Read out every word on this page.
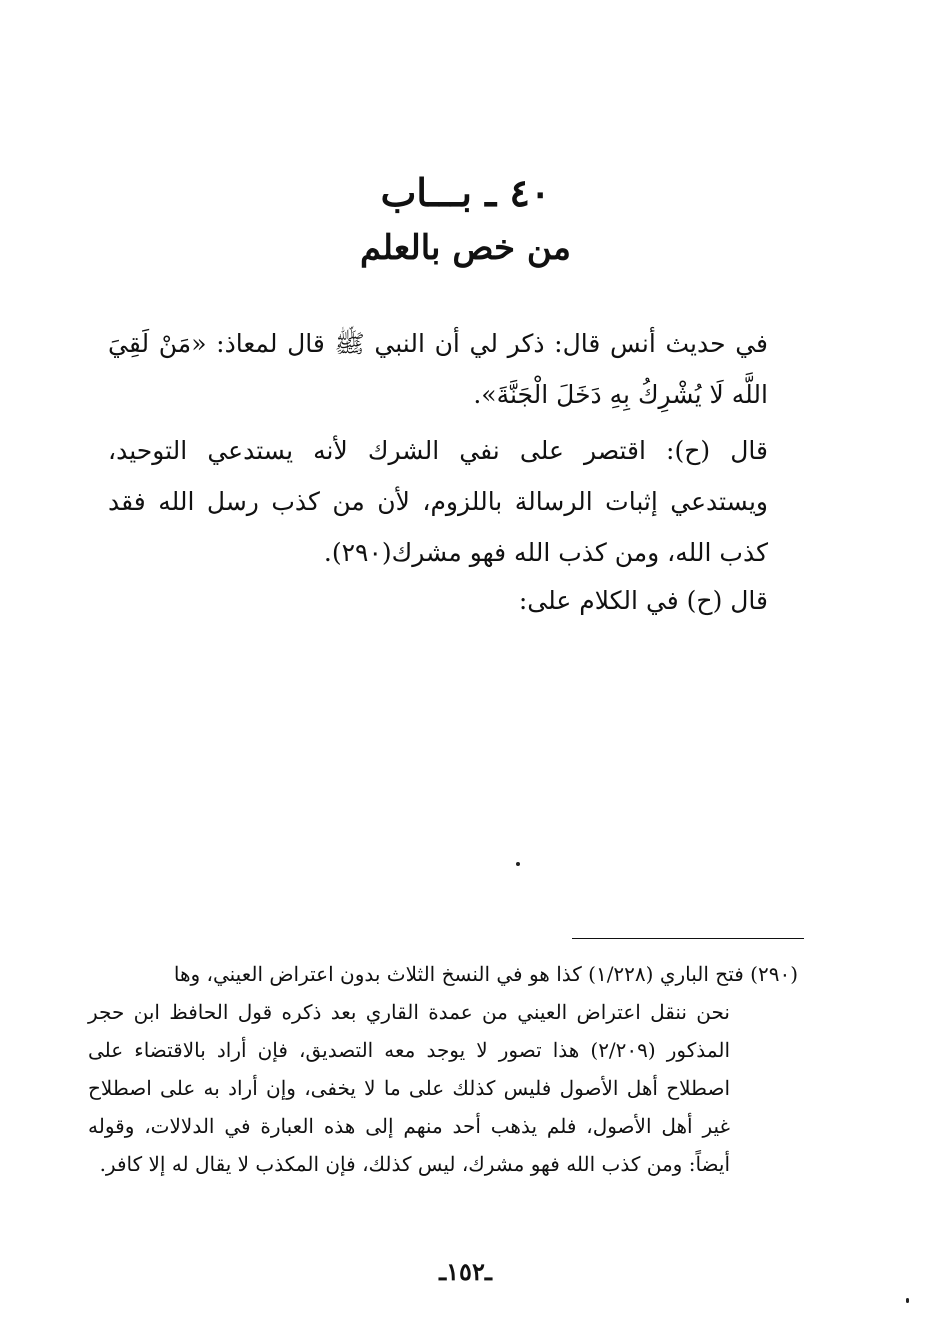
٤٠ ـ بـــاب
من خص بالعلم

في حديث أنس قال: ذكر لي أن النبي ﷺ قال لمعاذ: «مَنْ لَقِيَ اللَّه لَا يُشْرِكُ بِهِ دَخَلَ الْجَنَّةَ».

قال (ح): اقتصر على نفي الشرك لأنه يستدعي التوحيد، ويستدعي إثبات الرسالة باللزوم، لأن من كذب رسل الله فقد كذب الله، ومن كذب الله فهو مشرك(٢٩٠).

قال (ح) في الكلام على:

(٢٩٠) فتح الباري (١/٢٢٨) كذا هو في النسخ الثلاث بدون اعتراض العيني، وها
نحن ننقل اعتراض العيني من عمدة القاري بعد ذكره قول الحافظ ابن حجر المذكور (٢/٢٠٩) هذا تصور لا يوجد معه التصديق، فإن أراد بالاقتضاء على اصطلاح أهل الأصول فليس كذلك على ما لا يخفى، وإن أراد به على اصطلاح غير أهل الأصول، فلم يذهب أحد منهم إلى هذه العبارة في الدلالات، وقوله أيضاً: ومن كذب الله فهو مشرك، ليس كذلك، فإن المكذب لا يقال له إلا كافر.

ـ١٥٢ـ
